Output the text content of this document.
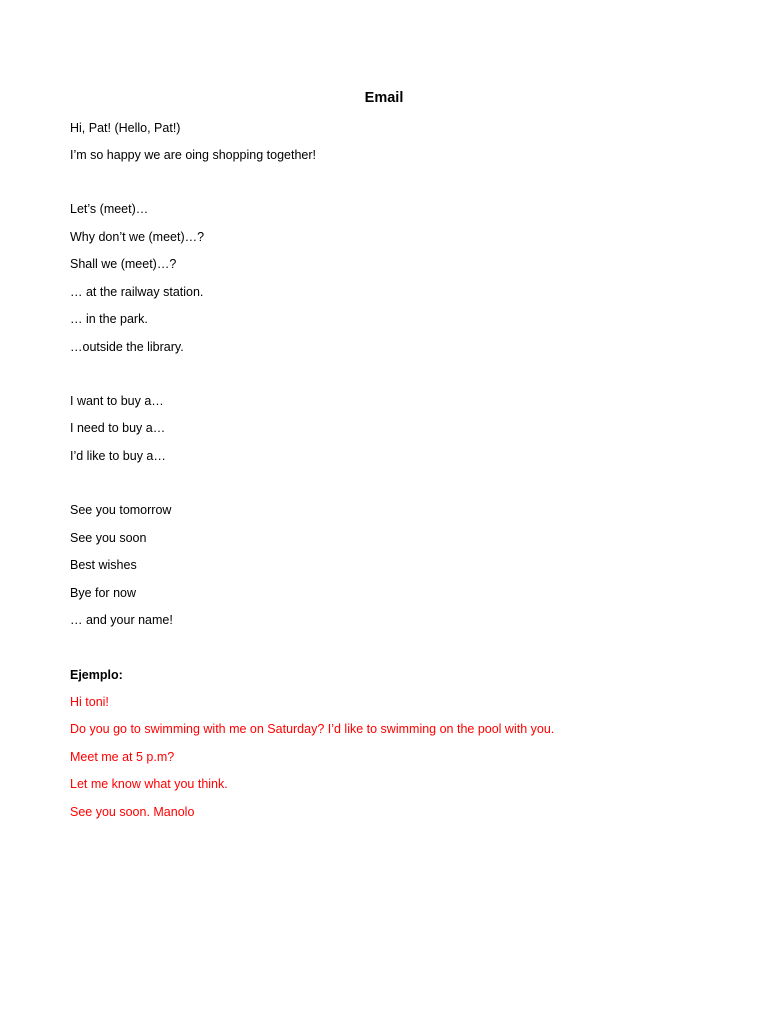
Email
Hi, Pat! (Hello, Pat!)
I’m so happy we are oing shopping together!
Let’s (meet)…
Why don’t we (meet)…?
Shall we (meet)…?
… at the railway station.
… in the park.
…outside the library.
I want to buy a…
I need to buy a…
I’d like to buy a…
See you tomorrow
See you soon
Best wishes
Bye for now
… and your name!
Ejemplo:
Hi toni!
Do you go to swimming with me on Saturday? I’d like to swimming on the pool with you.
Meet me at 5 p.m?
Let me know what you think.
See you soon. Manolo
